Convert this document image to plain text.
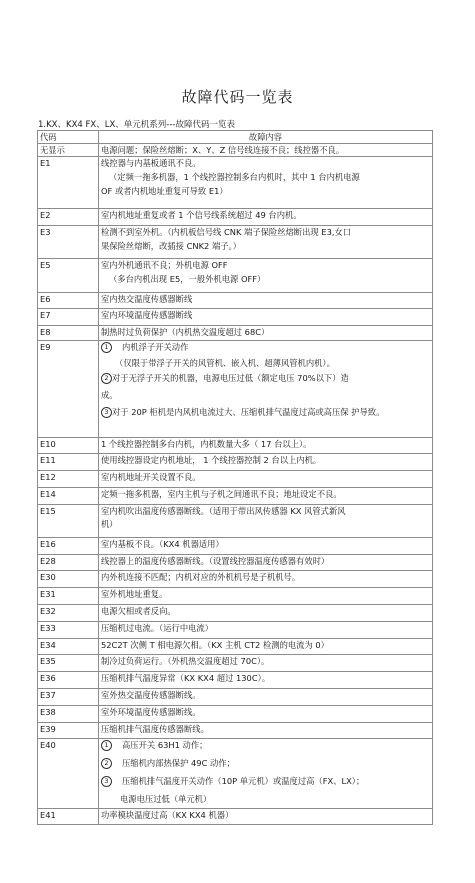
故障代码一览表
1.KX、KX4 FX、LX、单元机系列---故障代码一览表
代码	故障内容
无显示	电源问题；保险丝熔断；X、Y、Z 信号线连接不良；线控器不良。

E1	线控器与内基板通讯不良。
（定频一拖多机器，1 个线控器控制多台内机时，其中 1 台内机电源
OF 或者内机地址重复可导致 E1）

E2	室内机地址重复或者 1 个信号线系统超过 49 台内机。

E3	检测不到室外机。（内机板信号线 CNK 端子保险丝熔断出现 E3,女口
果保险丝熔断，改插接 CNK2 端子。）

E5	室内外机通讯不良；外机电源 OFF
（多台内机出现 E5，一般外机电源 OFF）

E6	室内热交温度传感器断线

E7	室内环境温度传感器断线

E8	制热时过负荷保护（内机热交温度超过 68C）

E9	1 内机浮子开关动作
（仅限于带浮子开关的风管机、嵌入机、超薄风管机内机）。
2 对于无浮子开关的机器，电源电压过低（额定电压 70%以下）造
成。
3 对于 20P 柜机是内风机电流过大、压缩机排气温度过高或高压保 护导致。

E10	1 个线控器控制多台内机，内机数量大多（ 17 台以上）。

E11	使用线控器设定内机地址， 1 个线控器控制 2 台以上内机。

E12	室内机地址开关设置不良。

E14	定频一拖多机器，室内主机与子机之间通讯不良；地址设定不良。

E15	室内机吹出温度传感器断线。（适用于带出风传感器 KX 风管式新风
机）

E16	室内基板不良。（KX4 机器适用）

E28	线控器上的温度传感器断线。（设置线控器温度传感器有效时）

E30	内外机连接不匹配；内机对应的外机机号是子机机号。

E31	室外机地址重复。

E32	电源欠相或者反向。

E33	压缩机过电流。（运行中电流）

E34	52C2T 次侧 T 相电源欠相。（KX 主机 CT2 检测的电流为 0）

E35	制冷过负荷运行。（外机热交温度超过 70C）。

E36	压缩机排气温度异常（KX KX4 超过 130C）。

E37	室外热交温度传感器断线。

E38	室外环境温度传感器断线。

E39	压缩机排气温度传感器断线。

E40	1 高压开关 63H1 动作；
2 压缩机内部热保护 49C 动作；
3 压缩机排气温度开关动作（10P 单元机）或温度过高（FX、LX）；
电源电压过低（单元机）

E41	功率模块温度过高（KX KX4 机器）
